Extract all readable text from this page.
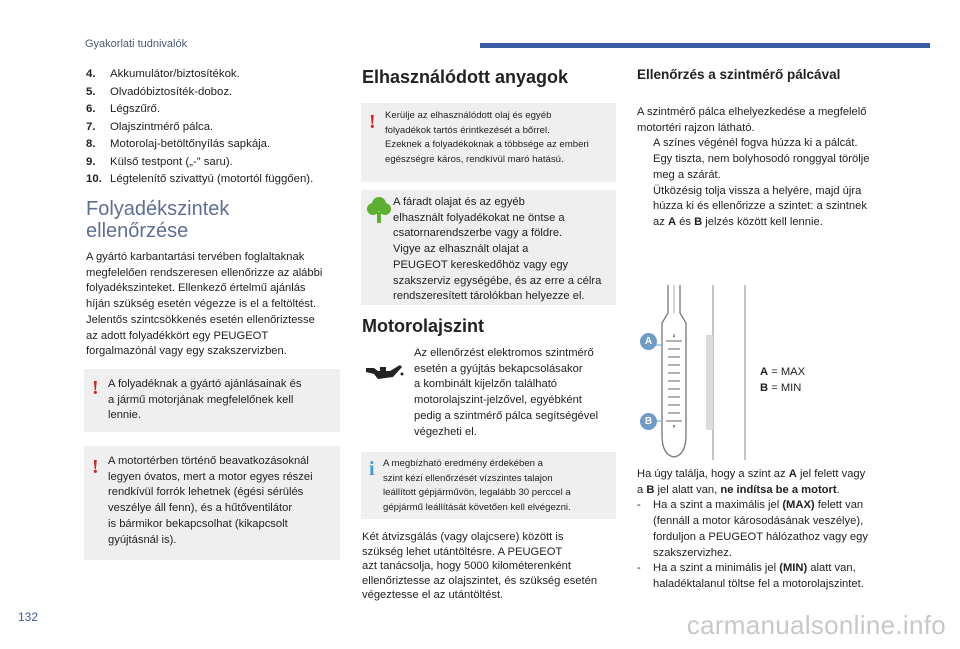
Gyakorlati tudnivalók
4. Akkumulátor/biztosítékok.
5. Olvadóbiztosíték-doboz.
6. Légszűrő.
7. Olajszintmérő pálca.
8. Motorolaj-betöltőnyílás sapkája.
9. Külső testpont („-” saru).
10. Légtelenítő szivattyú (motortól függően).
Folyadékszintek
ellenőrzése
A gyártó karbantartási tervében foglaltaknak
megfelelően rendszeresen ellenőrizze az alábbi
folyadékszinteket. Ellenkező értelmű ajánlás
híján szükség esetén végezze is el a feltöltést.
Jelentős szintcsökkenés esetén ellenőriztesse
az adott folyadékkört egy PEUGEOT
forgalmazónál vagy egy szakszervizben.
! A folyadéknak a gyártó ajánlásainak és
a jármű motorjának megfelelőnek kell
lennie.
! A motortérben történő beavatkozásoknál
legyen óvatos, mert a motor egyes részei
rendkívül forrók lehetnek (égési sérülés
veszélye áll fenn), és a hűtőventilátor
is bármikor bekapcsolhat (kikapcsolt
gyújtásnál is).
Elhasználódott anyagok
! Kerülje az elhasználódott olaj és egyéb
folyadékok tartós érintkezését a bőrrel.
Ezeknek a folyadékoknak a többsége az emberi
egészségre káros, rendkívül maró hatású.
A fáradt olajat és az egyéb
elhasznált folyadékokat ne öntse a
csatornarendszerbe vagy a földre.
Vigye az elhasznált olajat a
PEUGEOT kereskedőhöz vagy egy
szakszerviz egységébe, és az erre a célra
rendszeresített tárolókban helyezze el.
Motorolajszint
Az ellenőrzést elektromos szintmérő
esetén a gyújtás bekapcsolásakor
a kombinált kijelzőn található
motorolajszint-jelzővel, egyébként
pedig a szintmérő pálca segítségével
végezheti el.
i A megbízható eredmény érdekében a
szint kézi ellenőrzését vízszintes talajon
leállított gépjárművön, legalább 30 perccel a
gépjármű leállítását követően kell elvégezni.
Két átvizsgálás (vagy olajcsere) között is
szükség lehet utántöltésre. A PEUGEOT
azt tanácsolja, hogy 5000 kilométerenként
ellenőriztesse az olajszintet, és szükség esetén
végeztesse el az utántöltést.
Ellenőrzés a szintmérő pálcával
A szintmérő pálca elhelyezkedése a megfelelő
motortéri rajzon látható.
A színes végénél fogva húzza ki a pálcát.
Egy tiszta, nem bolyhosodó ronggyal törölje
meg a szárát.
Ütközésig tolja vissza a helyére, majd újra
húzza ki és ellenőrizze a szintet: a szintnek
az A és B jelzés között kell lennie.
A
B
A = MAX
B = MIN
Ha úgy találja, hogy a szint az A jel felett vagy
a B jel alatt van, ne indítsa be a motort.
-	Ha a szint a maximális jel (MAX) felett van
(fennáll a motor károsodásának veszélye),
forduljon a PEUGEOT hálózathoz vagy egy
szakszervizhez.
-	Ha a szint a minimális jel (MIN) alatt van,
haladéktalanul töltse fel a motorolajszintet.
132	carmanualsonline.info
